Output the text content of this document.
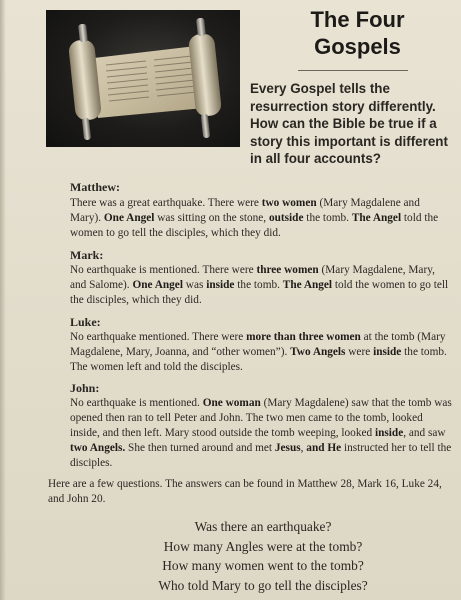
The Four
Gospels
Every Gospel tells the resurrection story differently. How can the Bible be true if a story this important is different in all four accounts?
Matthew:
There was a great earthquake. There were two women (Mary Magdalene and Mary). One Angel was sitting on the stone, outside the tomb. The Angel told the women to go tell the disciples, which they did.
Mark:
No earthquake is mentioned. There were three women (Mary Magdalene, Mary, and Salome). One Angel was inside the tomb. The Angel told the women to go tell the disciples, which they did.
Luke:
No earthquake mentioned. There were more than three women at the tomb (Mary Magdalene, Mary, Joanna, and “other women”). Two Angels were inside the tomb. The women left and told the disciples.
John:
No earthquake is mentioned. One woman (Mary Magdalene) saw that the tomb was opened then ran to tell Peter and John. The two men came to the tomb, looked inside, and then left. Mary stood outside the tomb weeping, looked inside, and saw two Angels. She then turned around and met Jesus, and He instructed her to tell the disciples.
Here are a few questions. The answers can be found in Matthew 28, Mark 16, Luke 24, and John 20.
Was there an earthquake?
How many Angles were at the tomb?
How many women went to the tomb?
Who told Mary to go tell the disciples?
